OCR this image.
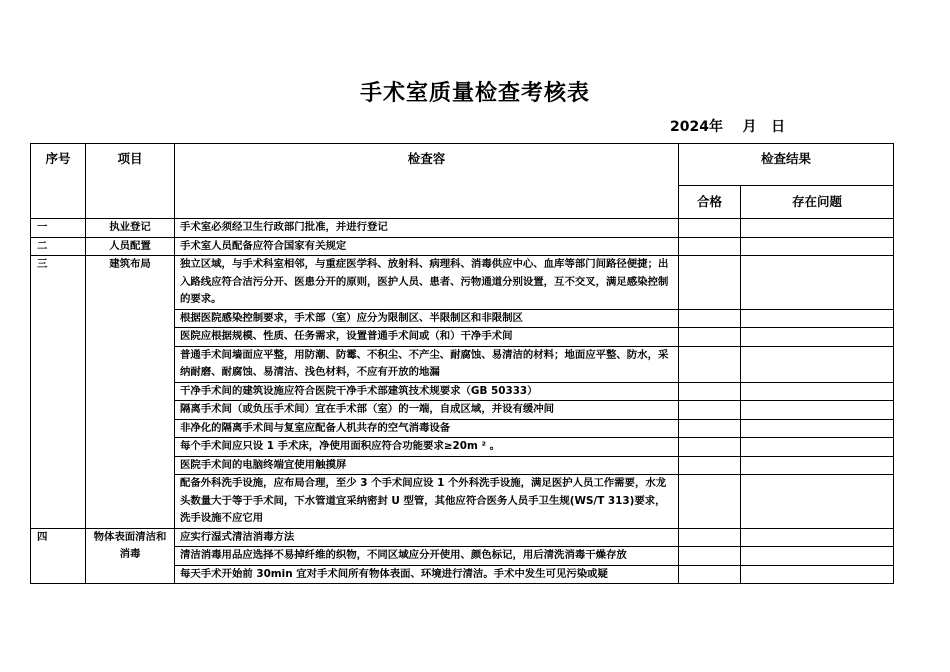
手术室质量检查考核表
2024年 月 日
序号	项目	检查容	检查结果	
			合格	存在问题
一	执业登记	手术室必须经卫生行政部门批准，并进行登记		
二	人员配置	手术室人员配备应符合国家有关规定		
三	建筑布局	独立区域，与手术科室相邻，与重症医学科、放射科、病理科、消毒供应中心、血库等部门间路径便捷；出入路线应符合洁污分开、医患分开的原则，医护人员、患者、污物通道分别设置，互不交叉，满足感染控制的要求。		
		根据医院感染控制要求，手术部（室）应分为限制区、半限制区和非限制区		
		医院应根据规模、性质、任务需求，设置普通手术间或（和）干净手术间		
		普通手术间墙面应平整，用防潮、防霉、不积尘、不产尘、耐腐蚀、易清洁的材料；地面应平整、防水，采纳耐磨、耐腐蚀、易清洁、浅色材料，不应有开放的地漏		
		干净手术间的建筑设施应符合医院干净手术部建筑技术规要求（GB 50333）		
		隔离手术间（或负压手术间）宜在手术部（室）的一端，自成区域，并设有缓冲间		
		非净化的隔离手术间与复室应配备人机共存的空气消毒设备		
		每个手术间应只设 1 手术床，净使用面积应符合功能要求≥20m ² 。		
		医院手术间的电脑终端宜使用触摸屏		
		配备外科洗手设施，应布局合理，至少 3 个手术间应设 1 个外科洗手设施，满足医护人员工作需要，水龙头数量大于等于手术间，下水管道宜采纳密封 U 型管，其他应符合医务人员手卫生规(WS/T 313)要求，洗手设施不应它用		
四	物体表面清洁和消毒	应实行湿式清洁消毒方法		
		清洁消毒用品应选择不易掉纤维的织物，不同区域应分开使用、颜色标记，用后清洗消毒干燥存放		
		每天手术开始前 30min 宜对手术间所有物体表面、环境进行清洁。手术中发生可见污染或疑		
